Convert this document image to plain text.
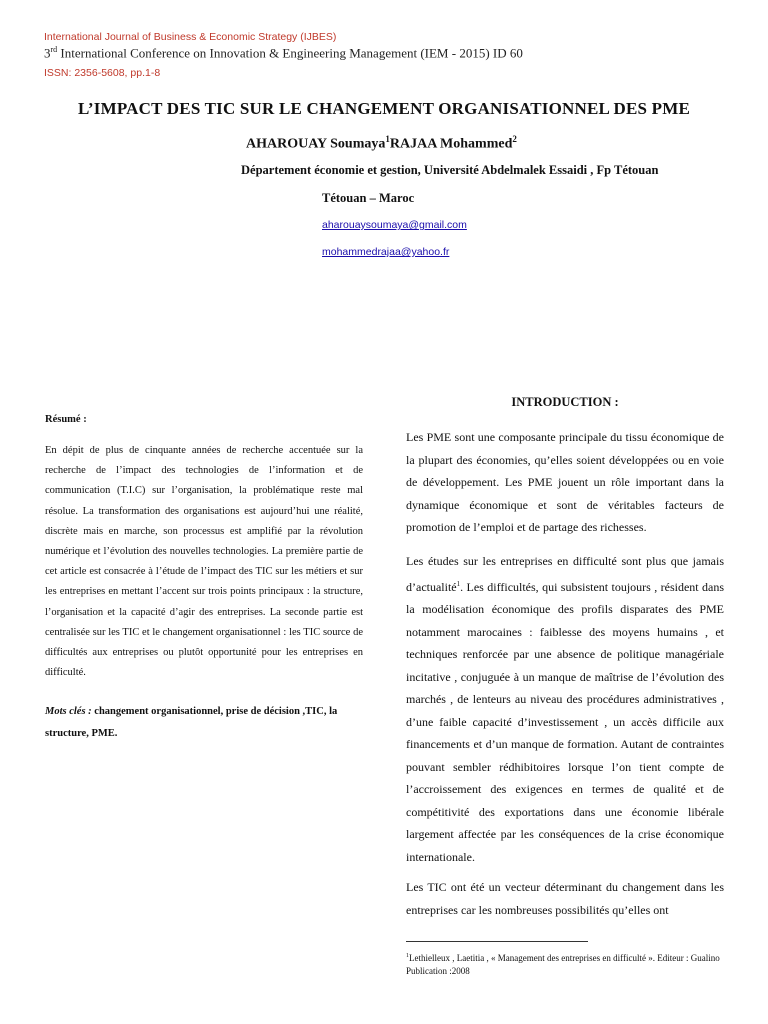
International Journal of Business & Economic Strategy (IJBES)
3rd International Conference on Innovation & Engineering Management (IEM - 2015) ID 60
ISSN: 2356-5608, pp.1-8
L’IMPACT DES TIC SUR LE CHANGEMENT ORGANISATIONNEL DES PME
AHAROUAY Soumaya$^1$RAJAA Mohammed$^2$
Département économie et gestion, Université Abdelmalek Essaidi , Fp Tétouan
Tétouan – Maroc
aharouaysoumaya@gmail.com
mohammedrajaa@yahoo.fr
Résumé :
En dépit de plus de cinquante années de recherche accentuée sur la recherche de l’impact des technologies de l’information et de communication (T.I.C) sur l’organisation, la problématique reste mal résolue. La transformation des organisations est aujourd’hui une réalité, discrète mais en marche, son processus est amplifié par la révolution numérique et l’évolution des nouvelles technologies. La première partie de cet article est consacrée à l’étude de l’impact des TIC sur les métiers et sur les entreprises en mettant l’accent sur trois points principaux : la structure, l’organisation et la capacité d’agir des entreprises. La seconde partie est centralisée sur les TIC et le changement organisationnel : les TIC source de difficultés aux entreprises ou plutôt opportunité pour les entreprises en difficulté.
Mots clés : changement organisationnel, prise de décision ,TIC, la structure, PME.
INTRODUCTION :
Les PME sont une composante principale du tissu économique de la plupart des économies, qu’elles soient développées ou en voie de développement. Les PME jouent un rôle important dans la dynamique économique et sont de véritables facteurs de promotion de l’emploi et de partage des richesses.
Les études sur les entreprises en difficulté sont plus que jamais d’actualité$^1$. Les difficultés, qui subsistent toujours , résident dans la modélisation économique des profils disparates des PME notamment marocaines : faiblesse des moyens humains , et techniques renforcée par une absence de politique managériale incitative , conjuguée à un manque de maîtrise de l’évolution des marchés , de lenteurs au niveau des procédures administratives , d’une faible capacité d’investissement , un accès difficile aux financements et d’un manque de formation. Autant de contraintes pouvant sembler rédhibitoires lorsque l’on tient compte de l’accroissement des exigences en termes de qualité et de compétitivité des exportations dans une économie libérale largement affectée par les conséquences de la crise économique internationale.
Les TIC ont été un vecteur déterminant du changement dans les entreprises car les nombreuses possibilités qu’elles ont
$^1$Lethielleux , Laetitia , « Management des entreprises en difficulté ». Editeur : Gualino Publication :2008
